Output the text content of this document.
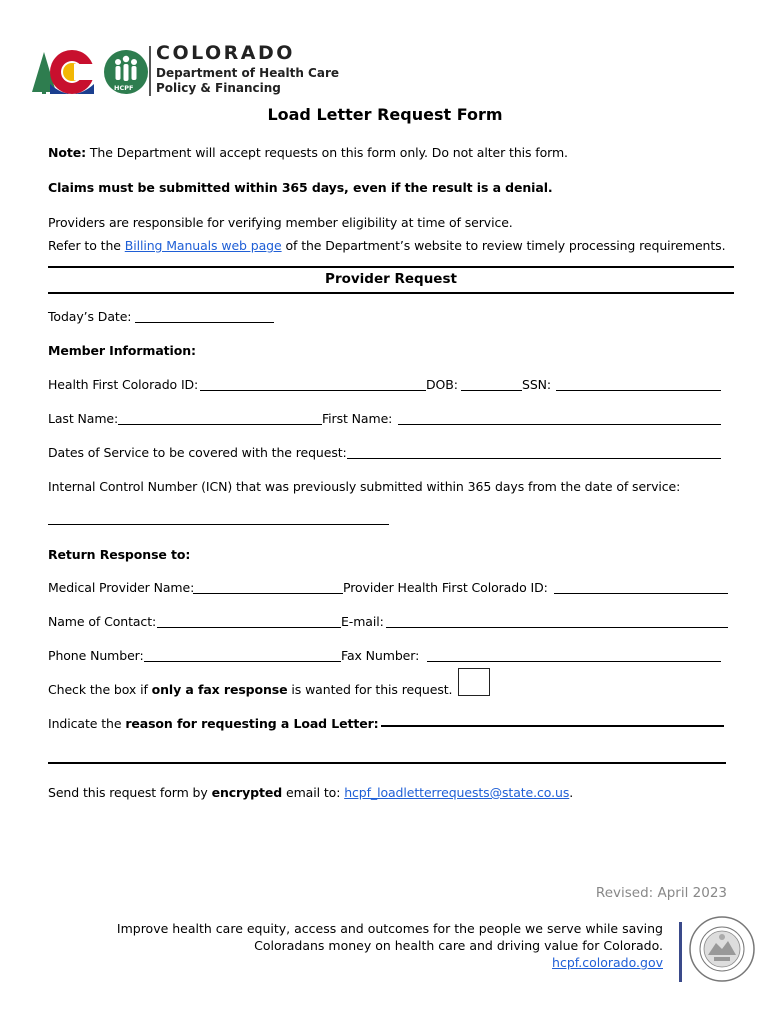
HCPF
COLORADO
Department of Health Care
Policy & Financing
Load Letter Request Form
Note: The Department will accept requests on this form only. Do not alter this form.
Claims must be submitted within 365 days, even if the result is a denial.
Providers are responsible for verifying member eligibility at time of service.
Refer to the Billing Manuals web page of the Department’s website to review timely processing requirements.
Provider Request
Today’s Date:
Member Information:
Health First Colorado ID:	DOB:	SSN:
Last Name:	First Name:
Dates of Service to be covered with the request:
Internal Control Number (ICN) that was previously submitted within 365 days from the date of service:
Return Response to:
Medical Provider Name:	Provider Health First Colorado ID:
Name of Contact:	E-mail:
Phone Number:	Fax Number:
Check the box if only a fax response is wanted for this request.
Indicate the reason for requesting a Load Letter:
Send this request form by encrypted email to: hcpf_loadletterrequests@state.co.us.
Revised: April 2023
Improve health care equity, access and outcomes for the people we serve while saving
Coloradans money on health care and driving value for Colorado.
hcpf.colorado.gov
